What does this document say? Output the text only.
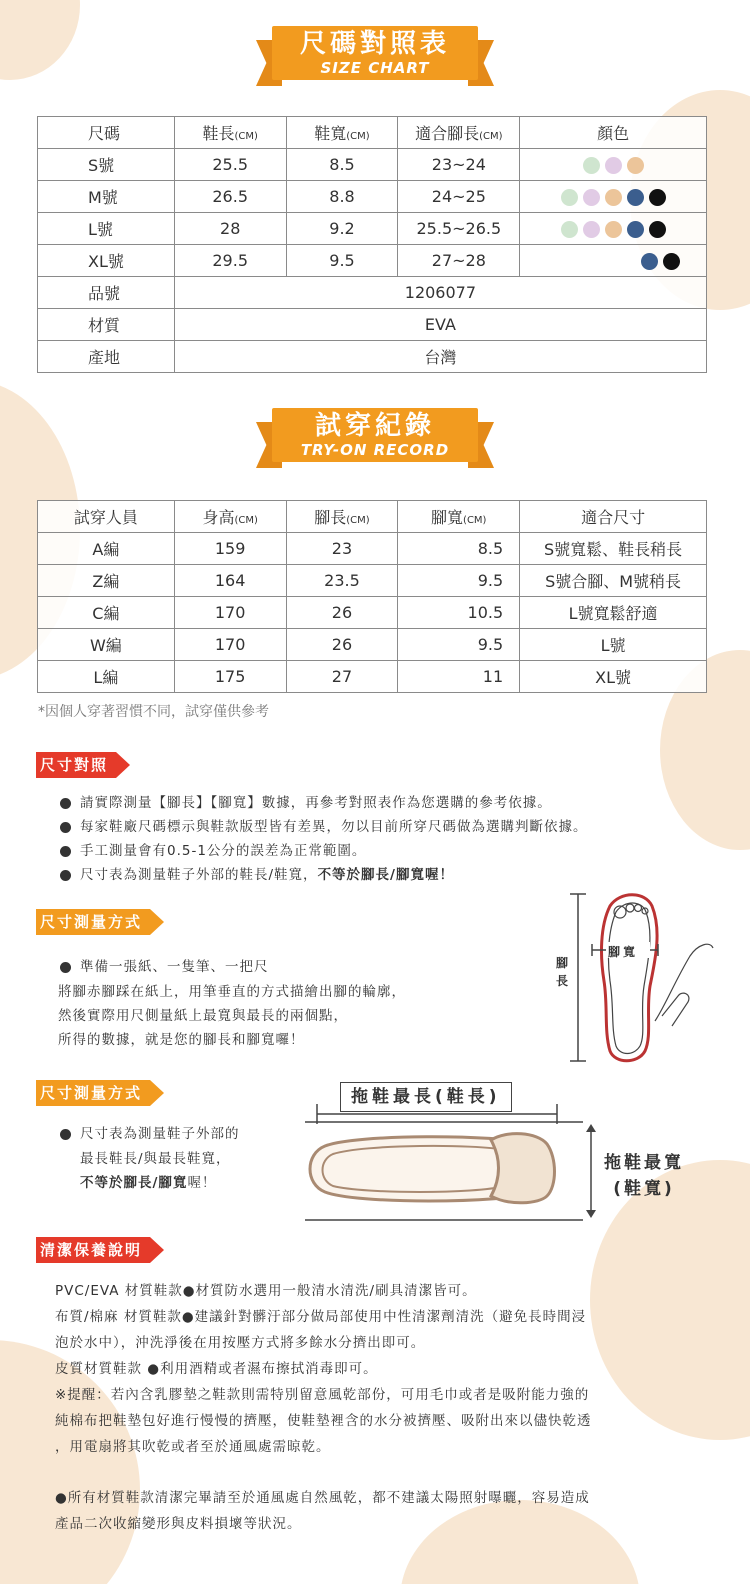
尺碼對照表
SIZE CHART
尺碼	鞋長(CM)	鞋寬(CM)	適合腳長(CM)	顏色
S號	25.5	8.5	23~24	

M號	26.5	8.8	24~25	

L號	28	9.2	25.5~26.5	

XL號	29.5	9.5	27~28	

品號	1206077			
材質	EVA			
產地	台灣			
試穿紀錄
TRY-ON RECORD
試穿人員	身高(CM)	腳長(CM)	腳寬(CM)	適合尺寸
A編	159	23	8.5	S號寬鬆、鞋長稍長
Z編	164	23.5	9.5	S號合腳、M號稍長
C編	170	26	10.5	L號寬鬆舒適
W編	170	26	9.5	L號
L編	175	27	11	XL號
*因個人穿著習慣不同，試穿僅供參考
尺寸對照
請實際測量【腳長】【腳寬】數據，再參考對照表作為您選購的參考依據。
每家鞋廠尺碼標示與鞋款版型皆有差異，勿以目前所穿尺碼做為選購判斷依據。
手工測量會有0.5-1公分的誤差為正常範圍。
尺寸表為測量鞋子外部的鞋長/鞋寬，不等於腳長/腳寬喔！
尺寸測量方式
準備一張紙、一隻筆、一把尺
將腳赤腳踩在紙上，用筆垂直的方式描繪出腳的輪廓，
然後實際用尺側量紙上最寬與最長的兩個點，
所得的數據，就是您的腳長和腳寬囉！
腳長
腳寬
尺寸測量方式
尺寸表為測量鞋子外部的
最長鞋長/與最長鞋寬，
不等於腳長/腳寬喔！
拖鞋最長(鞋長)
拖鞋最寬
(鞋寬)
清潔保養說明

PVC/EVA 材質鞋款●材質防水選用一般清水清洗/刷具清潔皆可。

布質/棉麻 材質鞋款●建議針對髒汙部分做局部使用中性清潔劑清洗（避免長時間浸

泡於水中），沖洗淨後在用按壓方式將多餘水分擠出即可。

皮質材質鞋款 ●利用酒精或者濕布擦拭消毒即可。

※提醒：若內含乳膠墊之鞋款則需特別留意風乾部份，可用毛巾或者是吸附能力強的

純棉布把鞋墊包好進行慢慢的擠壓，使鞋墊裡含的水分被擠壓、吸附出來以儘快乾透

，用電扇將其吹乾或者至於通風處需晾乾。

●所有材質鞋款清潔完畢請至於通風處自然風乾，都不建議太陽照射曝曬，容易造成

產品二次收縮變形與皮料損壞等狀況。
